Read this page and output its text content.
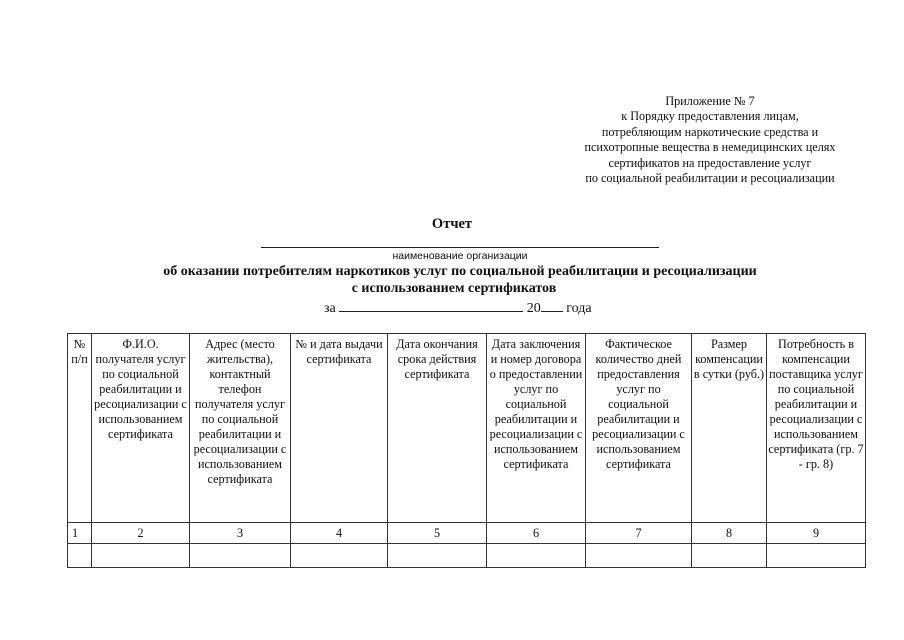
Приложение № 7
к Порядку предоставления лицам,
потребляющим наркотические средства и
психотропные вещества в немедицинских целях
сертификатов на предоставление услуг
по социальной реабилитации и ресоциализации
Отчет
наименование организации
об оказании потребителям наркотиков услуг по социальной реабилитации и ресоциализации
с использованием сертификатов
за	20 года
№ п/п	Ф.И.О. получателя услуг по социальной реабилитации и ресоциализации с использованием сертификата	Адрес (место жительства), контактный телефон получателя услуг по социальной реабилитации и ресоциализации с использованием сертификата	№ и дата выдачи сертификата	Дата окончания срока действия сертификата	Дата заключения и номер договора о предоставлении услуг по социальной реабилитации и ресоциализации с использованием сертификата	Фактическое количество дней предоставления услуг по социальной реабилитации и ресоциализации с использованием сертификата	Размер компенсации в сутки (руб.)	Потребность в компенсации поставщика услуг по социальной реабилитации и ресоциализации с использованием сертификата (гр. 7 - гр. 8)
1	2	3	4	5	6	7	8	9
